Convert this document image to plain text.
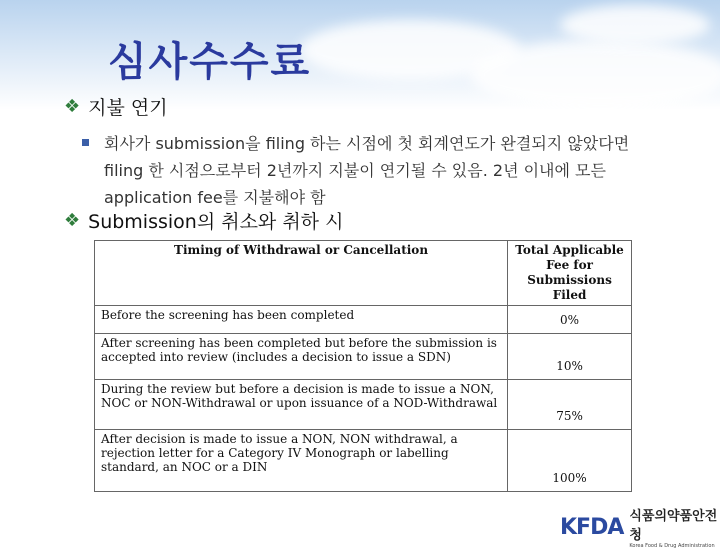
심사수수료
❖ 지불 연기
회사가 submission을 filing 하는 시점에 첫 회계연도가 완결되지 않았다면 filing 한 시점으로부터 2년까지 지불이 연기될 수 있음. 2년 이내에 모든 application fee를 지불해야 함
❖ Submission의 취소와 취하 시
Timing of Withdrawal or Cancellation	Total Applicable Fee for Submissions Filed
Before the screening has been completed	0%
After screening has been completed but before the submission is accepted into review (includes a decision to issue a SDN)	10%
During the review but before a decision is made to issue a NON, NOC or NON-Withdrawal or upon issuance of a NOD-Withdrawal	75%
After decision is made to issue a NON, NON withdrawal, a rejection letter for a Category IV Monograph or labelling standard, an NOC or a DIN	100%
KFDA 식품의약품안전청
Korea Food & Drug Administration
